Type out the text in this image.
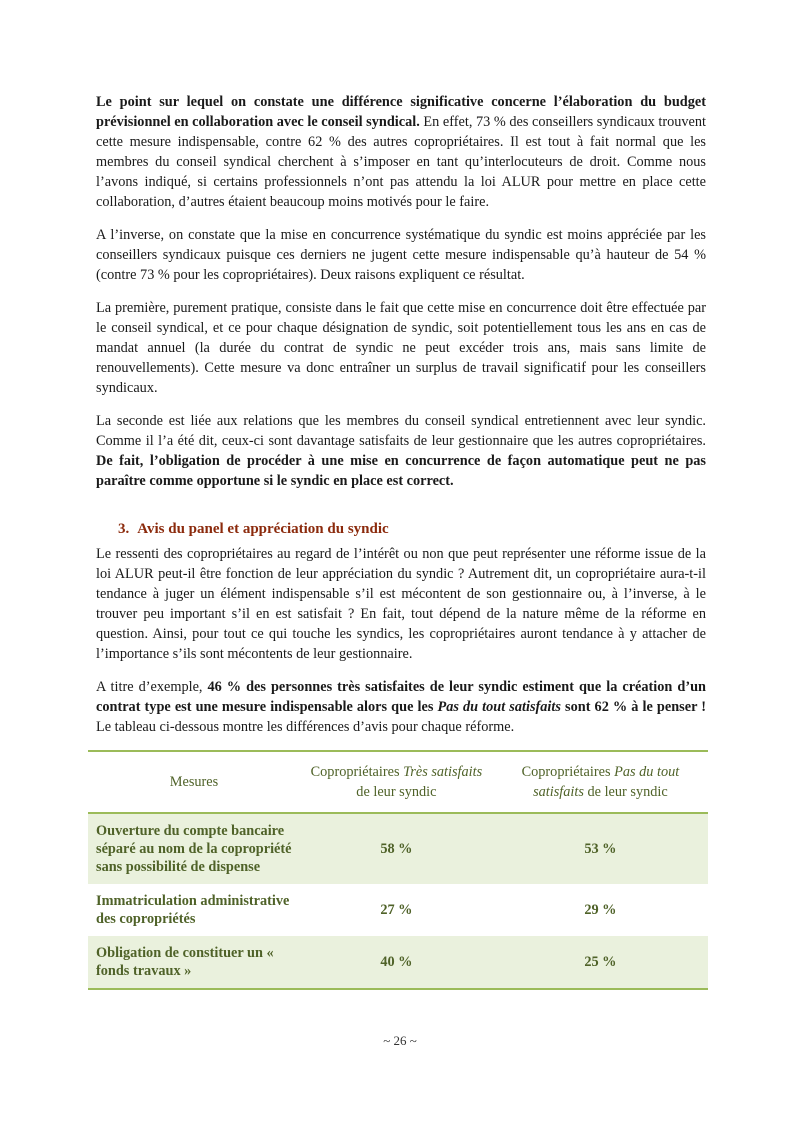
Le point sur lequel on constate une différence significative concerne l’élaboration du budget prévisionnel en collaboration avec le conseil syndical. En effet, 73 % des conseillers syndicaux trouvent cette mesure indispensable, contre 62 % des autres copropriétaires. Il est tout à fait normal que les membres du conseil syndical cherchent à s’imposer en tant qu’interlocuteurs de droit. Comme nous l’avons indiqué, si certains professionnels n’ont pas attendu la loi ALUR pour mettre en place cette collaboration, d’autres étaient beaucoup moins motivés pour le faire.

A l’inverse, on constate que la mise en concurrence systématique du syndic est moins appréciée par les conseillers syndicaux puisque ces derniers ne jugent cette mesure indispensable qu’à hauteur de 54 % (contre 73 % pour les copropriétaires). Deux raisons expliquent ce résultat.

La première, purement pratique, consiste dans le fait que cette mise en concurrence doit être effectuée par le conseil syndical, et ce pour chaque désignation de syndic, soit potentiellement tous les ans en cas de mandat annuel (la durée du contrat de syndic ne peut excéder trois ans, mais sans limite de renouvellements). Cette mesure va donc entraîner un surplus de travail significatif pour les conseillers syndicaux.

La seconde est liée aux relations que les membres du conseil syndical entretiennent avec leur syndic. Comme il l’a été dit, ceux-ci sont davantage satisfaits de leur gestionnaire que les autres copropriétaires. De fait, l’obligation de procéder à une mise en concurrence de façon automatique peut ne pas paraître comme opportune si le syndic en place est correct.

3. Avis du panel et appréciation du syndic

Le ressenti des copropriétaires au regard de l’intérêt ou non que peut représenter une réforme issue de la loi ALUR peut-il être fonction de leur appréciation du syndic ? Autrement dit, un copropriétaire aura-t-il tendance à juger un élément indispensable s’il est mécontent de son gestionnaire ou, à l’inverse, à le trouver peu important s’il en est satisfait ? En fait, tout dépend de la nature même de la réforme en question. Ainsi, pour tout ce qui touche les syndics, les copropriétaires auront tendance à y attacher de l’importance s’ils sont mécontents de leur gestionnaire.

A titre d’exemple, 46 % des personnes très satisfaites de leur syndic estiment que la création d’un contrat type est une mesure indispensable alors que les Pas du tout satisfaits sont 62 % à le penser ! Le tableau ci-dessous montre les différences d’avis pour chaque réforme.

Mesures	Copropriétaires Très satisfaits de leur syndic	Copropriétaires Pas du tout satisfaits de leur syndic
Ouverture du compte bancaire séparé au nom de la copropriété sans possibilité de dispense	58 %	53 %
Immatriculation administrative des copropriétés	27 %	29 %
Obligation de constituer un « fonds travaux »	40 %	25 %
~ 26 ~
